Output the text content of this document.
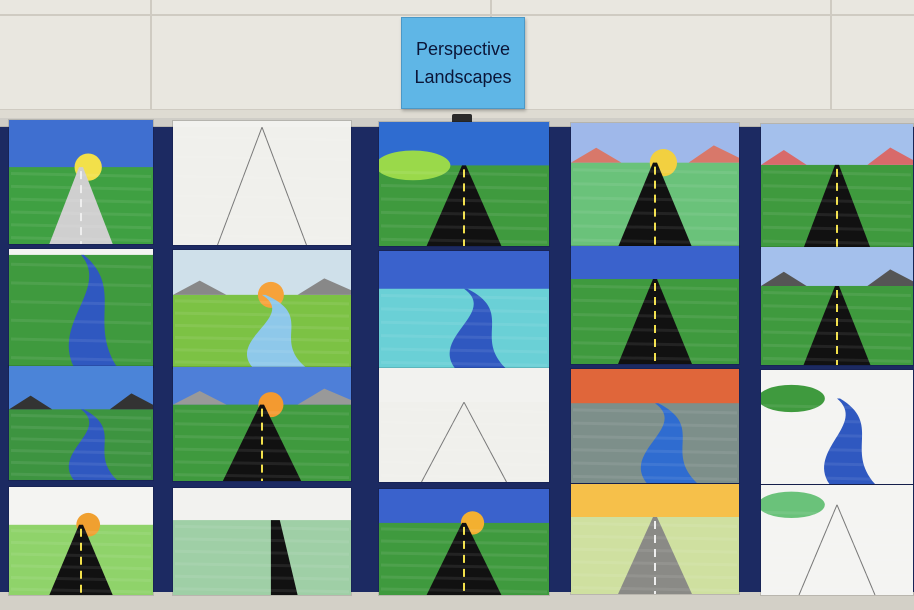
Perspective
Landscapes
